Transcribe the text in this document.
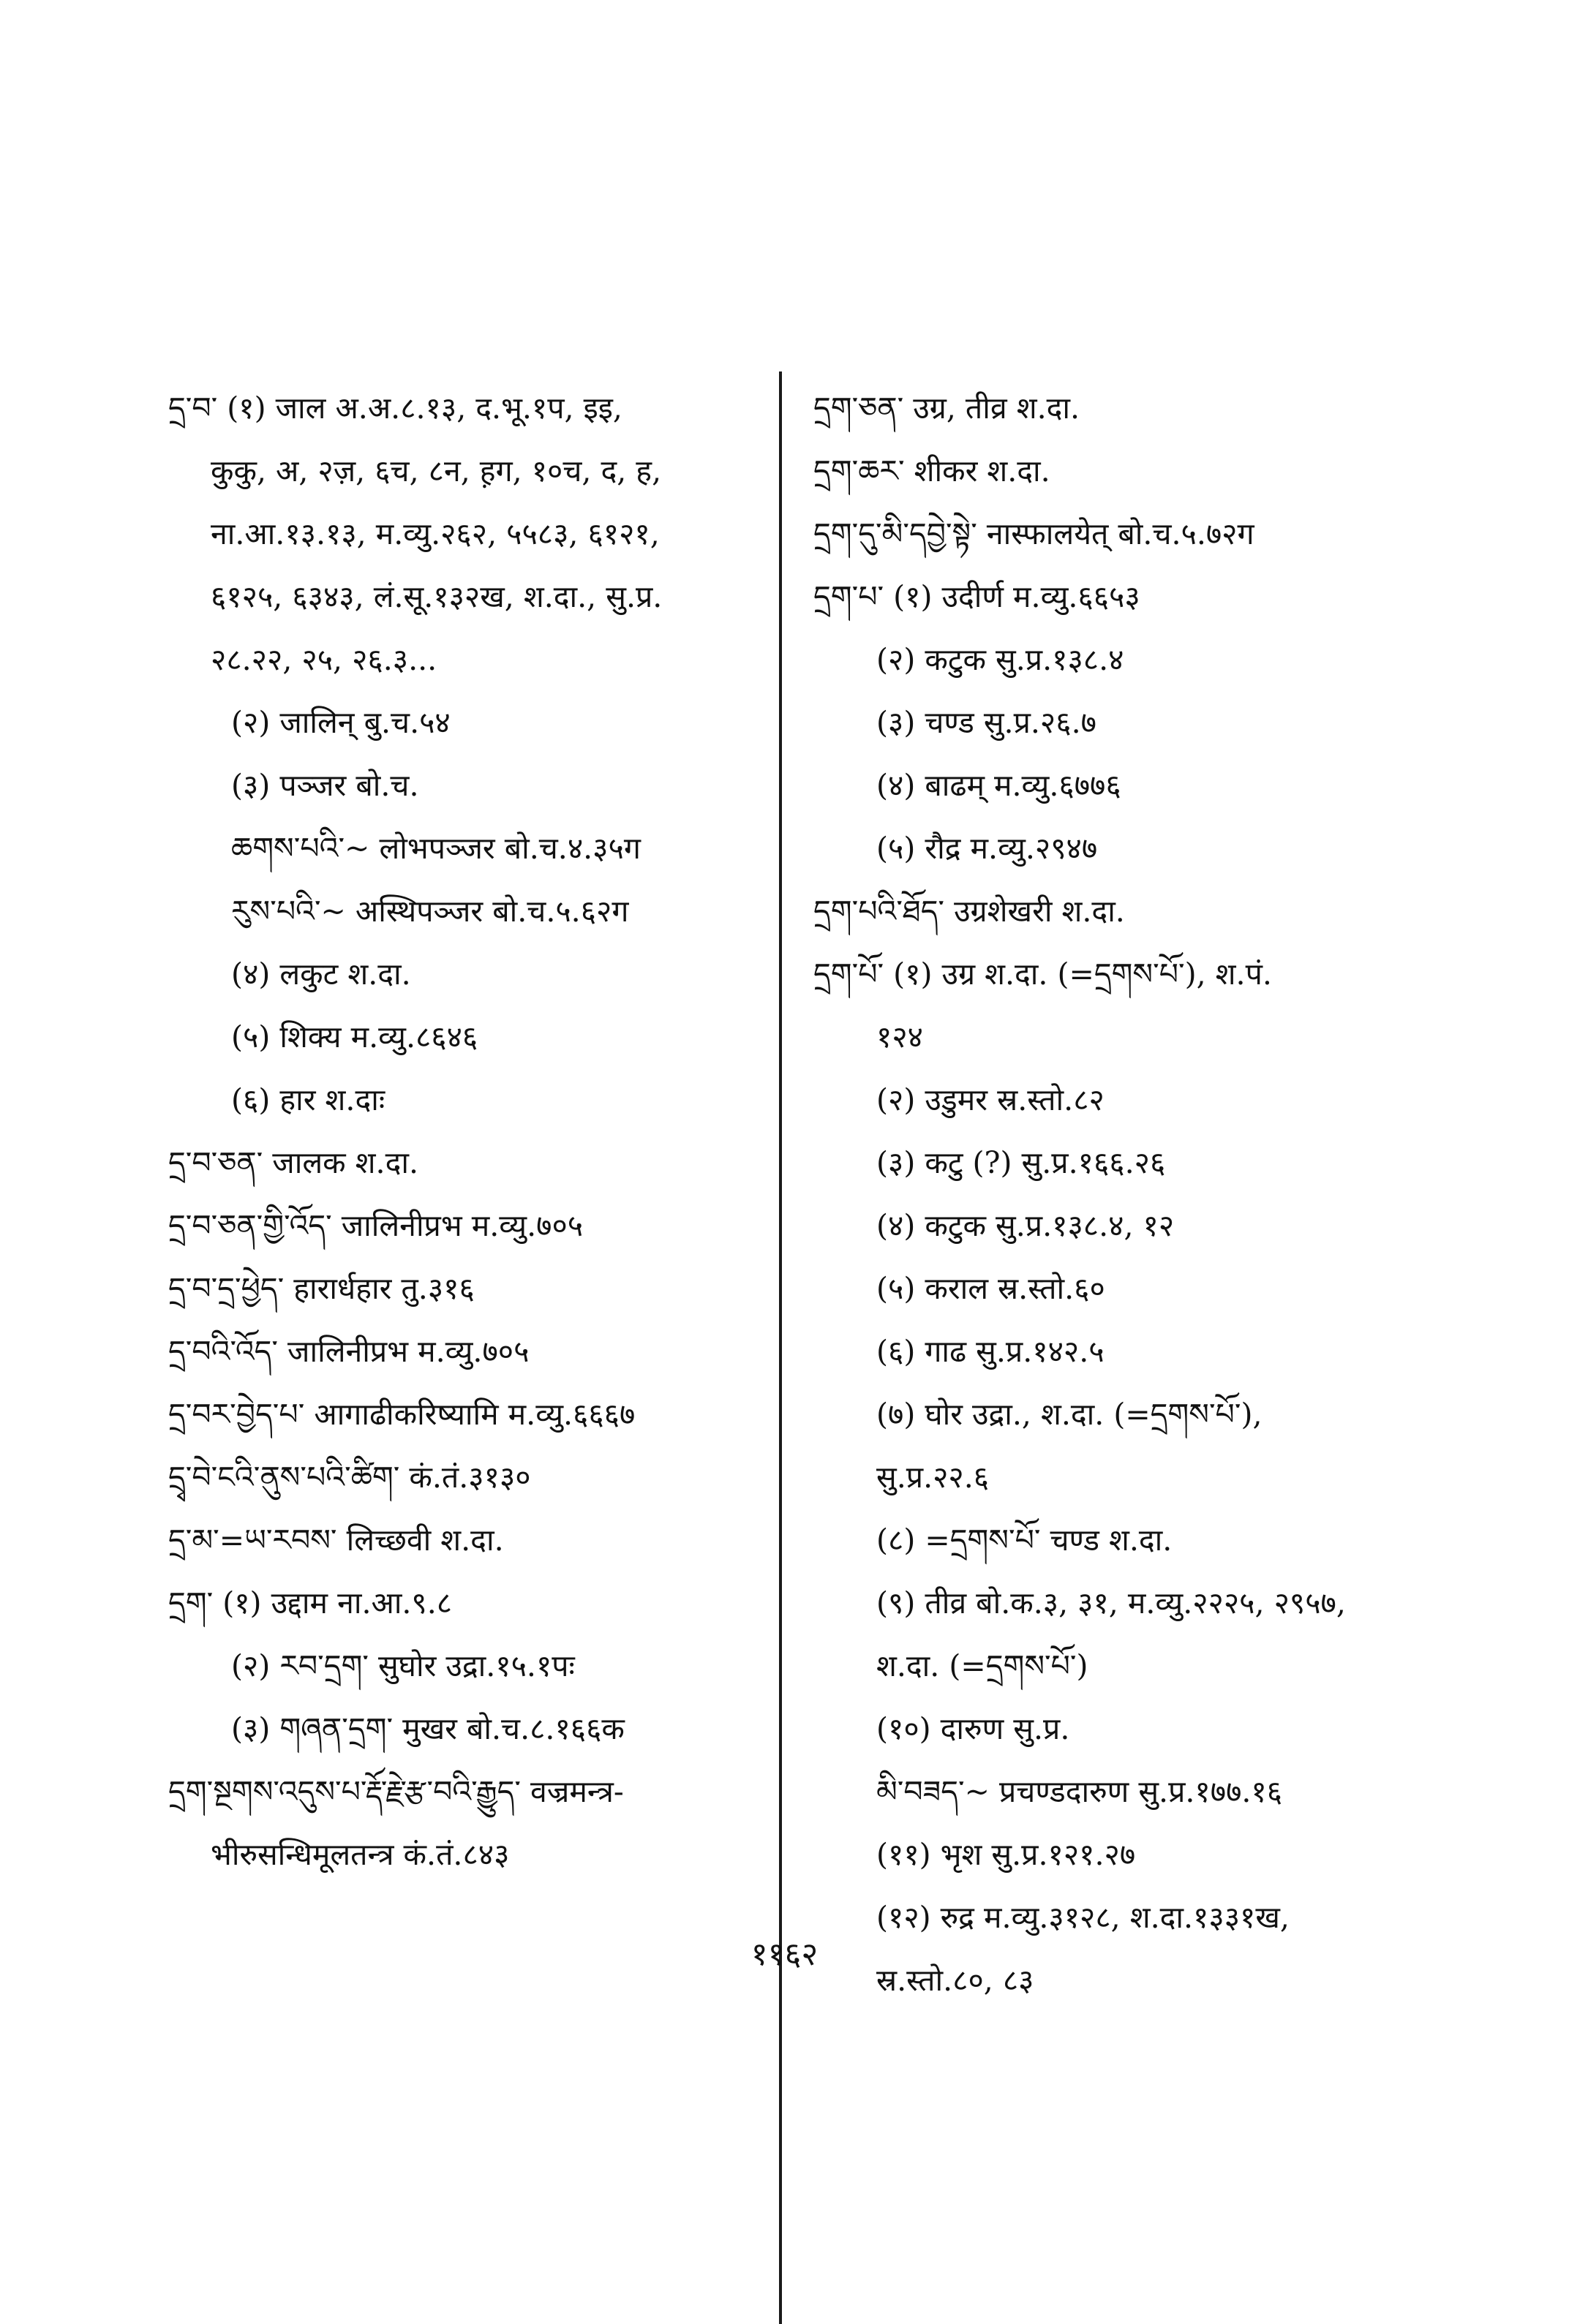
དྲ་བ་ (१) जाल अ.अ.८.१३, द.भू.१प, इइ,
कुकु, अ, २ज़, ६च, ८न, ह़ग, १०च, द, ह,
ना.आ.१३.१३, म.व्यु.२६२, ५५८३, ६१२१,
६१२५, ६३४३, लं.सू.१३२ख, श.दा., सु.प्र.
२८.२२, २५, २६.३...
(२) जालिन् बु.च.५४
(३) पञ्जर बो.च.
ཆགས་པའི་~ लोभपञ्जर बो.च.४.३५ग
རུས་པའི་~ अस्थिपञ्जर बो.च.५.६२ग
(४) लकुट श.दा.
(५) शिक्य म.व्यु.८६४६
(६) हार श.दाः
དྲ་བ་ཅན་ जालक श.दा.
དྲ་བ་ཅན་གྱི་འོད་ जालिनीप्रभ म.व्यु.७०५
དྲ་བ་དྲ་ཕྱེད་ हारार्धहार तु.३१६
དྲ་བའི་འོད་ जालिनीप्रभ म.व्यु.७०५
དྲ་བར་བྱེད་པ་ आगाढीकरिष्यामि म.व्यु.६६६७
དྲྭ་བེ་ངའི་ནུས་པའི་ཚིག་ कं.तं.३१३०
དྲ་མ་=ཡ་རབས་ लिच्छवी श.दा.
དྲག་ (१) उद्दाम ना.आ.९.८
(२) རབ་དྲག་ सुघोर उद्रा.१५.१पः
(३) གཞན་དྲག་ मुखर बो.च.८.१६६क
དྲག་སྔགས་འདུས་པ་རྡོ་རྗེ་རྩ་བའི་རྒྱུད་ वज्रमन्त्र-
भीरुसन्धिमूलतन्त्र कं.तं.८४३
དྲག་ཅན་ उग्र, तीव्र श.दा.
དྲག་ཆར་ शीकर श.दा.
དྲག་དུ་མི་དབྱེ་སྟེ་ नास्फालयेत् बो.च.५.७२ग
དྲག་པ་ (१) उदीर्ण म.व्यु.६६५३
(२) कटुक सु.प्र.१३८.४
(३) चण्ड सु.प्र.२६.७
(४) बाढम् म.व्यु.६७७६
(५) रौद्र म.व्यु.२९४७
དྲག་པའི་ཐོད་ उग्रशेखरी श.दा.
དྲག་པོ་ (१) उग्र श.दा. (=དྲགས་པོ་), श.पं.
१२४
(२) उडुमर स्र.स्तो.८२
(३) कटु (?) सु.प्र.१६६.२६
(४) कटुक सु.प्र.१३८.४, १२
(५) कराल स्र.स्तो.६०
(६) गाढ सु.प्र.१४२.५
(७) घोर उद्रा., श.दा. (=དྲགས་པོ་),
सु.प्र.२२.६
(८) =དྲགས་པོ་ चण्ड श.दा.
(९) तीव्र बो.क.३, ३१, म.व्यु.२२२५, २९५७,
श.दा. (=དྲགས་པོ་)
(१०) दारुण सु.प्र.
མི་བཟད་~ प्रचण्डदारुण सु.प्र.१७७.१६
(११) भृश सु.प्र.१२१.२७
(१२) रुद्र म.व्यु.३१२८, श.दा.१३३१ख,
स्र.स्तो.८०, ८३
११६२
